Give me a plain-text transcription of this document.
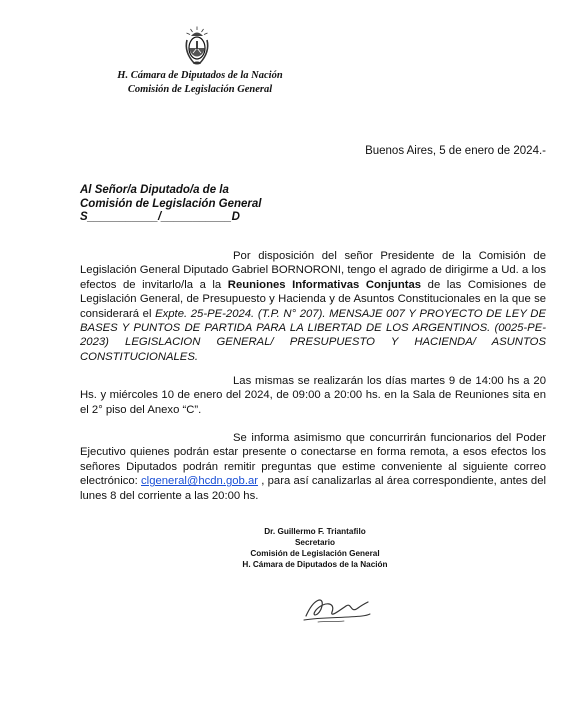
H. Cámara de Diputados de la Nación
Comisión de Legislación General
Buenos Aires, 5 de enero de 2024.-
Al Señor/a Diputado/a de la
Comisión de Legislación General
S___________/___________D
Por disposición del señor Presidente de la Comisión de Legislación General Diputado Gabriel BORNORONI, tengo el agrado de dirigirme a Ud. a los efectos de invitarlo/la a la Reuniones Informativas Conjuntas de las Comisiones de Legislación General, de Presupuesto y Hacienda y de Asuntos Constitucionales en la que se considerará el Expte. 25-PE-2024. (T.P. N° 207). MENSAJE 007 Y PROYECTO DE LEY DE BASES Y PUNTOS DE PARTIDA PARA LA LIBERTAD DE LOS ARGENTINOS. (0025-PE-2023) LEGISLACION GENERAL/ PRESUPUESTO Y HACIENDA/ ASUNTOS CONSTITUCIONALES.
Las mismas se realizarán los días martes 9 de 14:00 hs a 20 Hs. y miércoles 10 de enero del 2024, de 09:00 a 20:00 hs. en la Sala de Reuniones sita en el 2° piso del Anexo “C”.
Se informa asimismo que concurrirán funcionarios del Poder Ejecutivo quienes podrán estar presente o conectarse en forma remota, a esos efectos los señores Diputados podrán remitir preguntas que estime conveniente al siguiente correo electrónico: clgeneral@hcdn.gob.ar , para así canalizarlas al área correspondiente, antes del lunes 8 del corriente a las 20:00 hs.
Dr. Guillermo F. Triantafilo
Secretario
Comisión de Legislación General
H. Cámara de Diputados de la Nación
